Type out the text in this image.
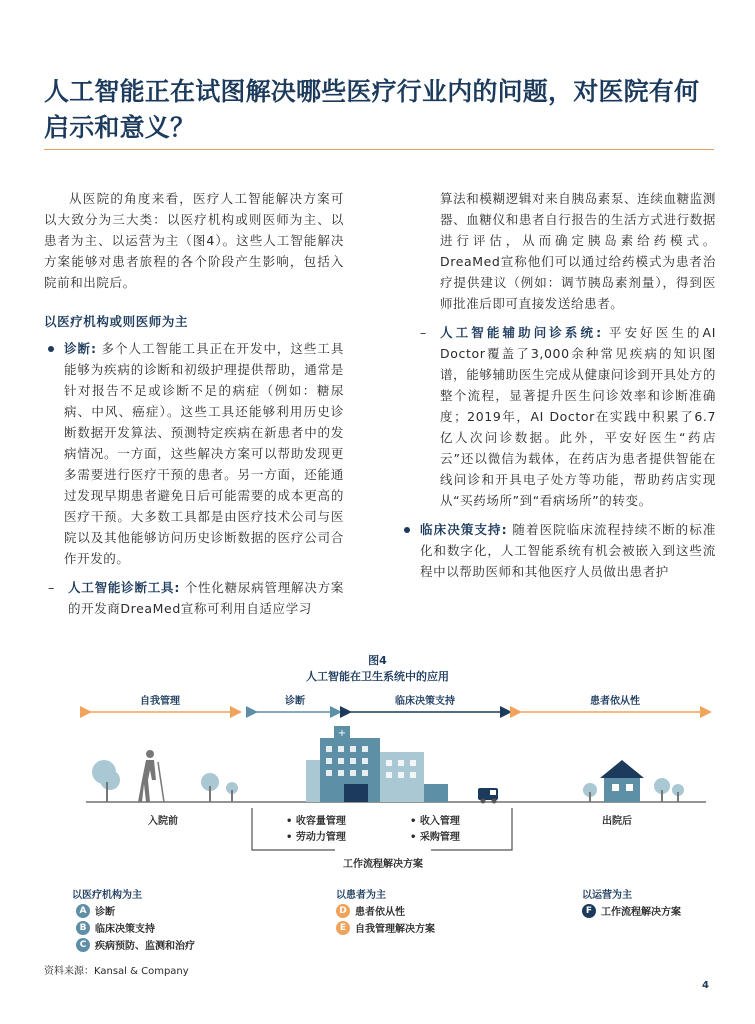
人工智能正在试图解决哪些医疗行业内的问题，对医院有何启示和意义？

从医院的角度来看，医疗人工智能解决方案可以大致分为三大类：以医疗机构或则医师为主、以患者为主、以运营为主（图4）。这些人工智能解决方案能够对患者旅程的各个阶段产生影响，包括入院前和出院后。

以医疗机构或则医师为主

诊断: 多个人工智能工具正在开发中，这些工具能够为疾病的诊断和初级护理提供帮助，通常是针对报告不足或诊断不足的病症（例如：糖尿病、中风、癌症）。这些工具还能够利用历史诊断数据开发算法、预测特定疾病在新患者中的发病情况。一方面，这些解决方案可以帮助发现更多需要进行医疗干预的患者。另一方面，还能通过发现早期患者避免日后可能需要的成本更高的医疗干预。大多数工具都是由医疗技术公司与医院以及其他能够访问历史诊断数据的医疗公司合作开发的。
– 人工智能诊断工具: 个性化糖尿病管理解决方案的开发商DreaMed宣称可利用自适应学习

算法和模糊逻辑对来自胰岛素泵、连续血糖监测器、血糖仪和患者自行报告的生活方式进行数据进行评估，从而确定胰岛素给药模式。DreaMed宣称他们可以通过给药模式为患者治疗提供建议（例如：调节胰岛素剂量），得到医师批准后即可直接发送给患者。

– 人工智能辅助问诊系统: 平安好医生的AI Doctor覆盖了3,000余种常见疾病的知识图谱，能够辅助医生完成从健康问诊到开具处方的整个流程，显著提升医生问诊效率和诊断准确度；2019年，AI Doctor在实践中积累了6.7亿人次问诊数据。此外，平安好医生“药店云”还以微信为载体，在药店为患者提供智能在线问诊和开具电子处方等功能，帮助药店实现从“买药场所”到“看病场所”的转变。
临床决策支持: 随着医院临床流程持续不断的标准化和数字化，人工智能系统有机会被嵌入到这些流程中以帮助医师和其他医疗人员做出患者护
图4
人工智能在卫生系统中的应用
自我管理	诊断	临床决策支持	患者依从性
+
入院前	出院后
• 收容量管理
• 劳动力管理
• 收入管理
• 采购管理
工作流程解决方案
以医疗机构为主
A 诊断
B 临床决策支持
C 疾病预防、监测和治疗
以患者为主
D 患者依从性
E 自我管理解决方案
以运营为主
F 工作流程解决方案
资料来源：Kansal & Company
4
